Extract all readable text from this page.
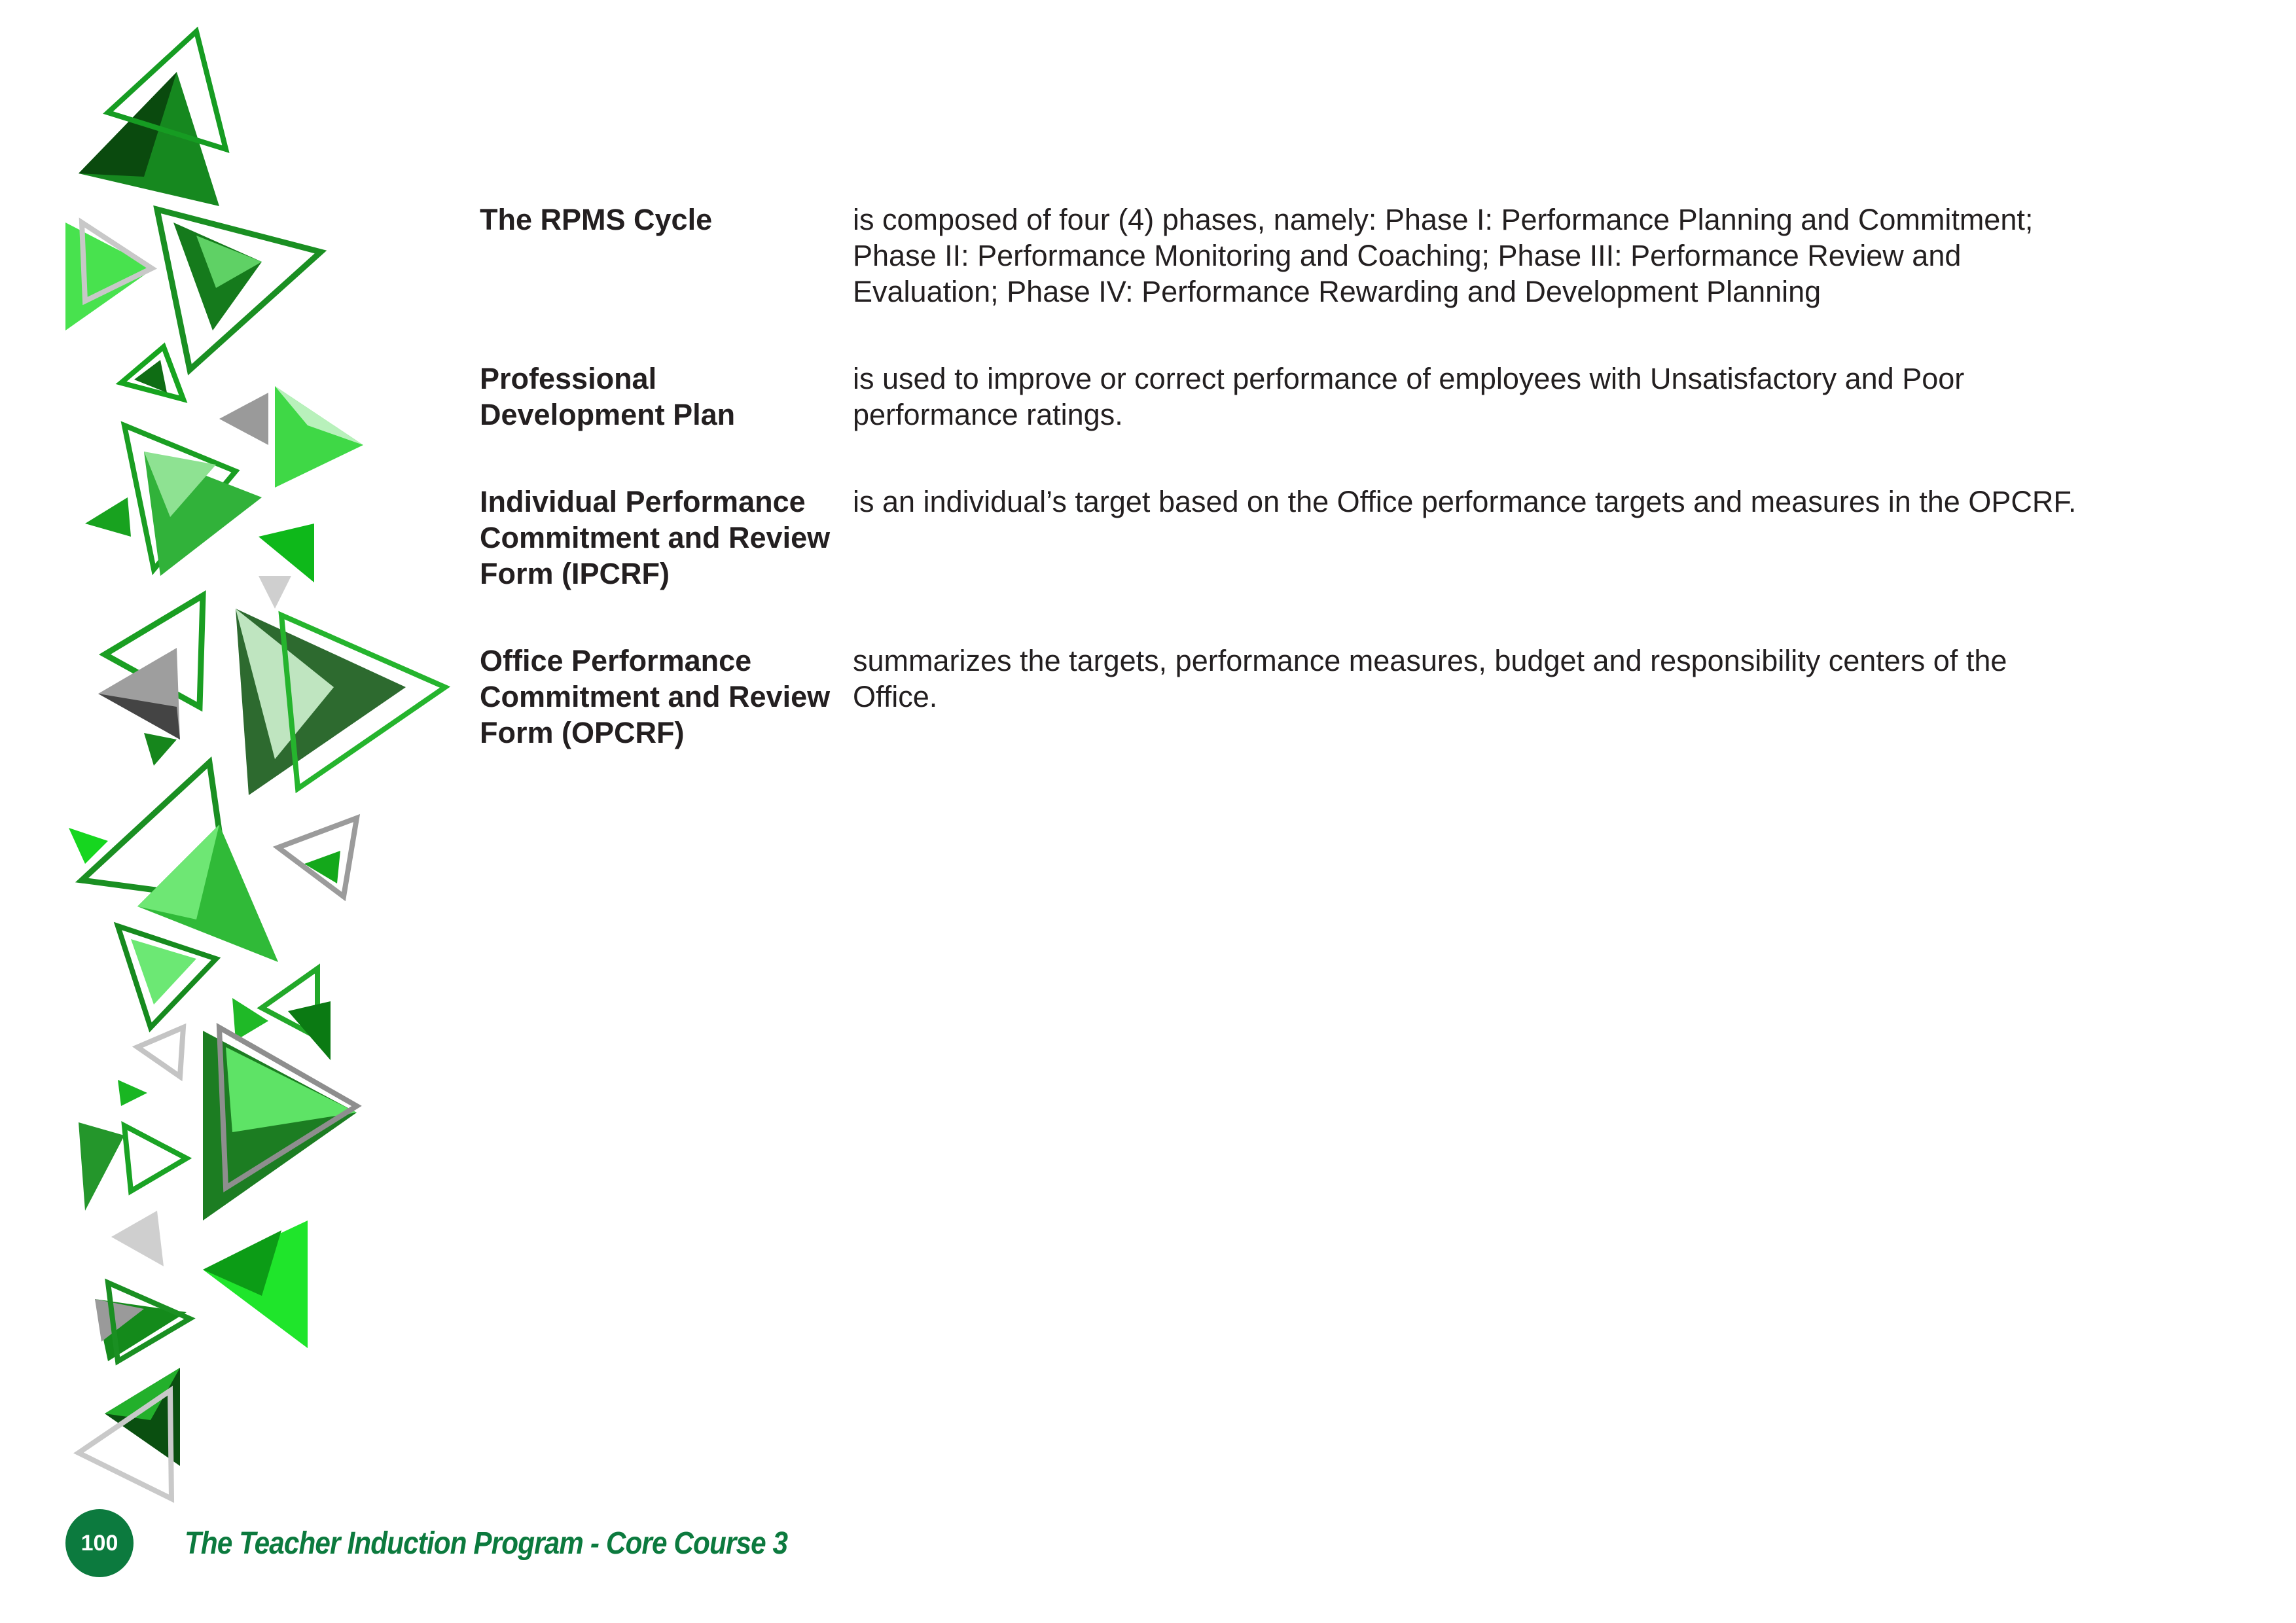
The RPMS Cycle	is composed of four (4) phases, namely: Phase I: Performance Planning and Commitment; Phase II: Performance Monitoring and Coaching; Phase III: Performance Review and Evaluation; Phase IV: Performance Rewarding and Development Planning
Professional Development Plan
is used to improve or correct performance of employees with Unsatisfactory and Poor performance ratings.
Individual Performance Commitment and Review Form (IPCRF)
is an individual’s target based on the Office performance targets and measures in the OPCRF.
Office Performance Commitment and Review Form (OPCRF)
summarizes the targets, performance measures, budget and responsibility centers of the Office.
100	The Teacher Induction Program - Core Course 3
